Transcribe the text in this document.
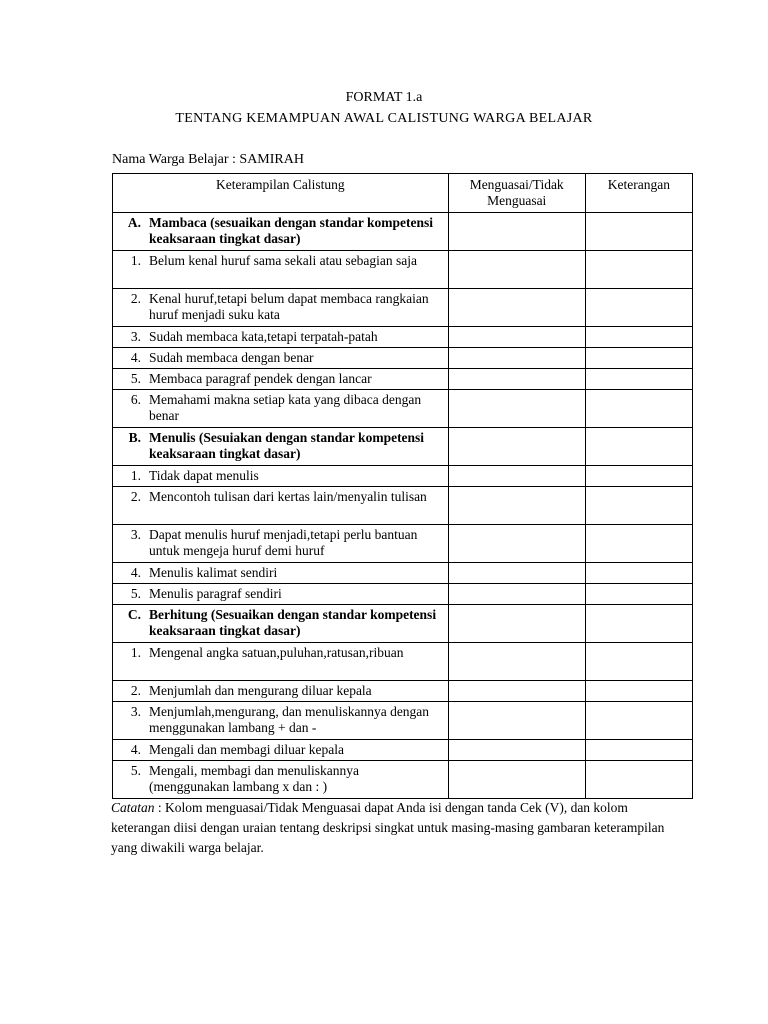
FORMAT 1.a
TENTANG KEMAMPUAN AWAL CALISTUNG WARGA BELAJAR
Nama Warga Belajar : SAMIRAH
Keterampilan Calistung	Menguasai/Tidak Menguasai	Keterangan

A. Mambaca (sesuaikan dengan standar kompetensi keaksaraan tingkat dasar)		

1. Belum kenal huruf sama sekali atau sebagian saja		

2. Kenal huruf,tetapi belum dapat membaca rangkaian huruf menjadi suku kata		

3. Sudah membaca kata,tetapi terpatah-patah		

4. Sudah membaca dengan benar		

5. Membaca paragraf pendek dengan lancar		

6. Memahami makna setiap kata yang dibaca dengan benar		

B. Menulis (Sesuiakan dengan standar kompetensi keaksaraan tingkat dasar)		

1. Tidak dapat menulis		

2. Mencontoh tulisan dari kertas lain/menyalin tulisan		

3. Dapat menulis huruf menjadi,tetapi perlu bantuan untuk mengeja huruf demi huruf		

4. Menulis kalimat sendiri		

5. Menulis paragraf sendiri		

C. Berhitung (Sesuaikan dengan standar kompetensi keaksaraan tingkat dasar)		

1. Mengenal angka satuan,puluhan,ratusan,ribuan		

2. Menjumlah dan mengurang diluar kepala		

3. Menjumlah,mengurang, dan menuliskannya dengan menggunakan lambang + dan -		

4. Mengali dan membagi diluar kepala		

5. Mengali, membagi dan menuliskannya (menggunakan lambang x dan : )		

Catatan : Kolom menguasai/Tidak Menguasai dapat Anda isi dengan tanda Cek (V), dan kolom keterangan diisi dengan uraian tentang deskripsi singkat untuk masing-masing gambaran keterampilan yang diwakili warga belajar.
